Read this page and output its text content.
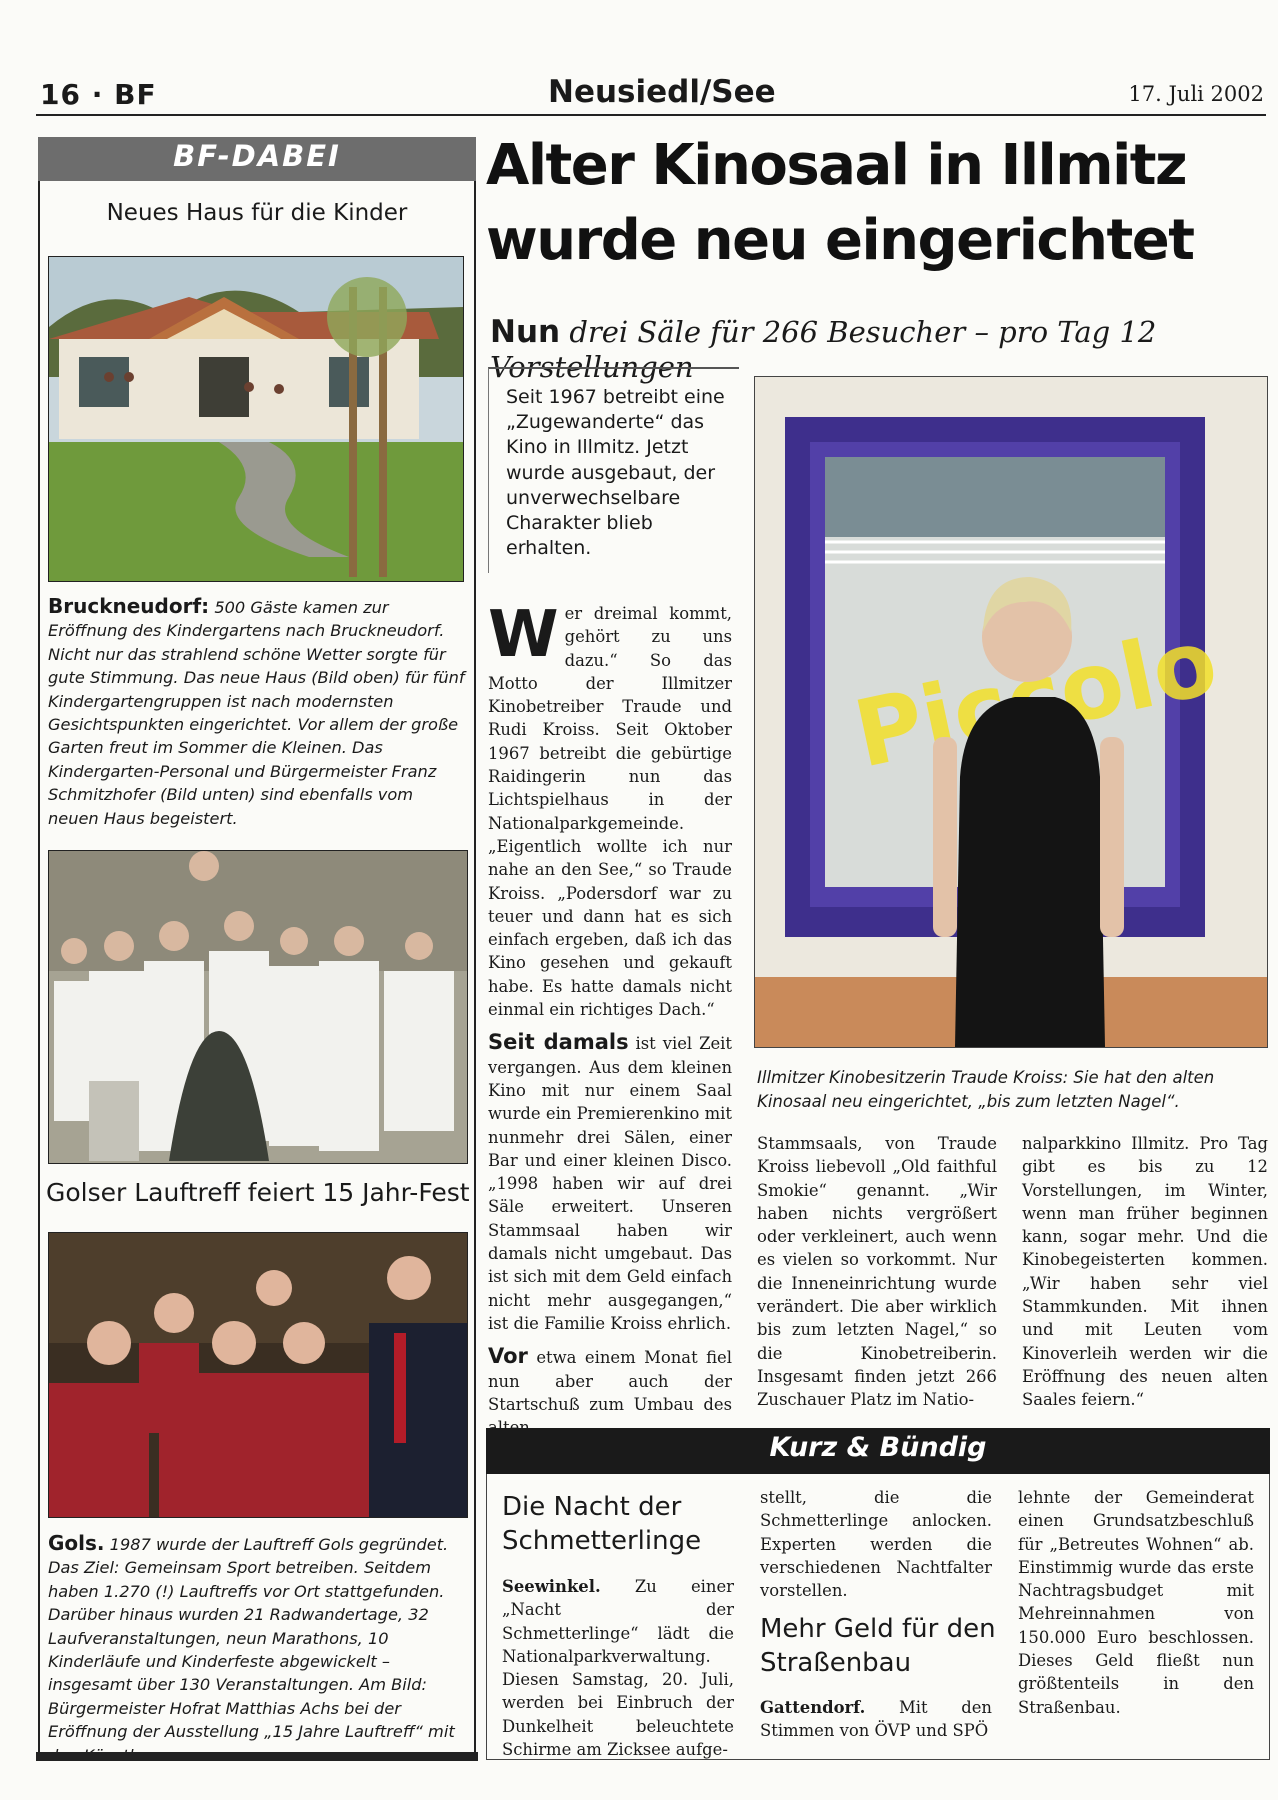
16 · BF	Neusiedl/See	17. Juli 2002
BF-DABEI
Neues Haus für die Kinder
Bruckneudorf: 500 Gäste kamen zur Eröffnung des Kindergartens nach Bruckneudorf. Nicht nur das strahlend schöne Wetter sorgte für gute Stimmung. Das neue Haus (Bild oben) für fünf Kindergartengruppen ist nach modernsten Gesichtspunkten eingerichtet. Vor allem der große Garten freut im Sommer die Kleinen. Das Kindergarten-Personal und Bürgermeister Franz Schmitzhofer (Bild unten) sind ebenfalls vom neuen Haus begeistert.
Golser Lauftreff feiert 15 Jahr-Fest
Gols. 1987 wurde der Lauftreff Gols gegründet. Das Ziel: Gemeinsam Sport betreiben. Seitdem haben 1.270 (!) Lauftreffs vor Ort stattgefunden. Darüber hinaus wurden 21 Radwandertage, 32 Laufveranstaltungen, neun Marathons, 10 Kinderläufe und Kinderfeste abgewickelt – insgesamt über 130 Veranstaltungen. Am Bild: Bürgermeister Hofrat Matthias Achs bei der Eröffnung der Ausstellung „15 Jahre Lauftreff“ mit
Alter Kinosaal in Illmitz
wurde neu eingerichtet
Nun drei Säle für 266 Besucher – pro Tag 12 Vorstellungen
Seit 1967 betreibt eine „Zugewanderte“ das Kino in Illmitz. Jetzt wurde ausgebaut, der unverwechselbare Charakter blieb erhalten.
Wer dreimal kommt, gehört zu uns dazu.“ So das Motto der Illmitzer Kinobetreiber Traude und Rudi Kroiss. Seit Oktober 1967 betreibt die gebürtige Raidingerin nun das Lichtspielhaus in der Nationalparkgemeinde. „Eigentlich wollte ich nur nahe an den See,“ so Traude Kroiss. „Podersdorf war zu teuer und dann hat es sich einfach ergeben, daß ich das Kino gesehen und gekauft habe. Es hatte damals nicht einmal ein richtiges Dach.“
Seit damals ist viel Zeit vergangen. Aus dem kleinen Kino mit nur einem Saal wurde ein Premierenkino mit nunmehr drei Sälen, einer Bar und einer kleinen Disco. „1998 haben wir auf drei Säle erweitert. Unseren Stammsaal haben wir damals nicht umgebaut. Das ist sich mit dem Geld einfach nicht mehr ausgegangen,“ ist die Familie Kroiss ehrlich.
Vor etwa einem Monat fiel nun aber auch der Startschuß zum Umbau des
Illmitzer Kinobesitzerin Traude Kroiss: Sie hat den alten Kinosaal neu eingerichtet, „bis zum letzten Nagel“.
Stammsaals, von Traude Kroiss liebevoll „Old faithful Smokie“ genannt. „Wir haben nichts vergrößert oder verkleinert, auch wenn es vielen so vorkommt. Nur die Inneneinrichtung wurde verändert. Die aber wirklich bis zum letzten Nagel,“ so die Kinobetreiberin. Insgesamt finden jetzt 266 Zuschauer Platz im Natio-
nalparkkino Illmitz. Pro Tag gibt es bis zu 12 Vorstellungen, im Winter, wenn man früher beginnen kann, sogar mehr. Und die Kinobegeisterten kommen. „Wir haben sehr viel Stammkunden. Mit ihnen und mit Leuten vom Kinoverleih werden wir die Eröffnung des neuen alten Saales feiern.“
Kurz & Bündig
Die Nacht der Schmetterlinge
Seewinkel. Zu einer „Nacht der Schmetterlinge“ lädt die Nationalparkverwaltung. Diesen Samstag, 20. Juli, werden bei Einbruch der Dunkelheit beleuchtete Schirme am Zicksee aufge-
stellt, die die Schmetterlinge anlocken. Experten werden die verschiedenen Nachtfalter vorstellen.
Mehr Geld für den Straßenbau
Gattendorf. Mit den Stimmen von ÖVP und SPÖ
lehnte der Gemeinderat einen Grundsatzbeschluß für „Betreutes Wohnen“ ab. Einstimmig wurde das erste Nachtragsbudget mit Mehreinnahmen von 150.000 Euro beschlossen. Dieses Geld fließt nun größtenteils in den Straßenbau.
